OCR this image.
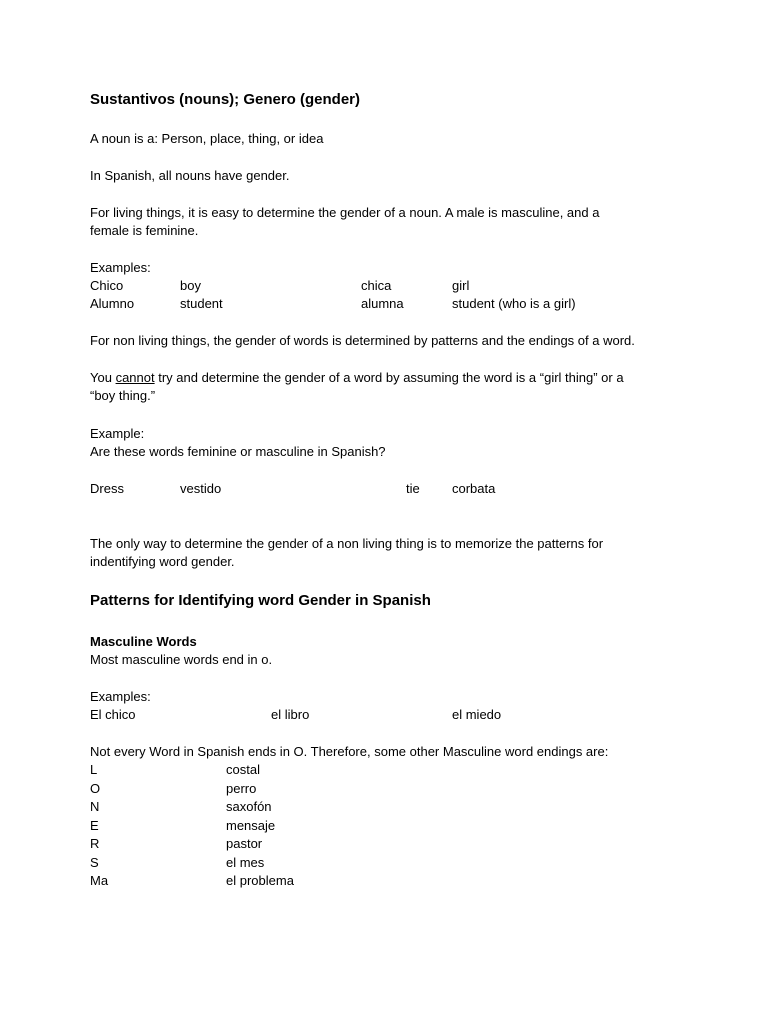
Sustantivos (nouns); Genero (gender)
A noun is a: Person, place, thing, or idea
In Spanish, all nouns have gender.
For living things, it is easy to determine the gender of a noun. A male is masculine, and a
female is feminine.
Examples:
Chico	boy	chica	girl
Alumno	student	alumna	student (who is a girl)
For non living things, the gender of words is determined by patterns and the endings of a word.
You cannot try and determine the gender of a word by assuming the word is a “girl thing” or a
“boy thing.”
Example:
Are these words feminine or masculine in Spanish?
Dress	vestido	tie corbata
The only way to determine the gender of a non living thing is to memorize the patterns for
indentifying word gender.
Patterns for Identifying word Gender in Spanish
Masculine Words
Most masculine words end in o.
Examples:
El chico	el libro	el miedo
Not every Word in Spanish ends in O. Therefore, some other Masculine word endings are:
L	costal
O	perro
N	saxofón
E	mensaje
R	pastor
S	el mes
Ma	el problema
